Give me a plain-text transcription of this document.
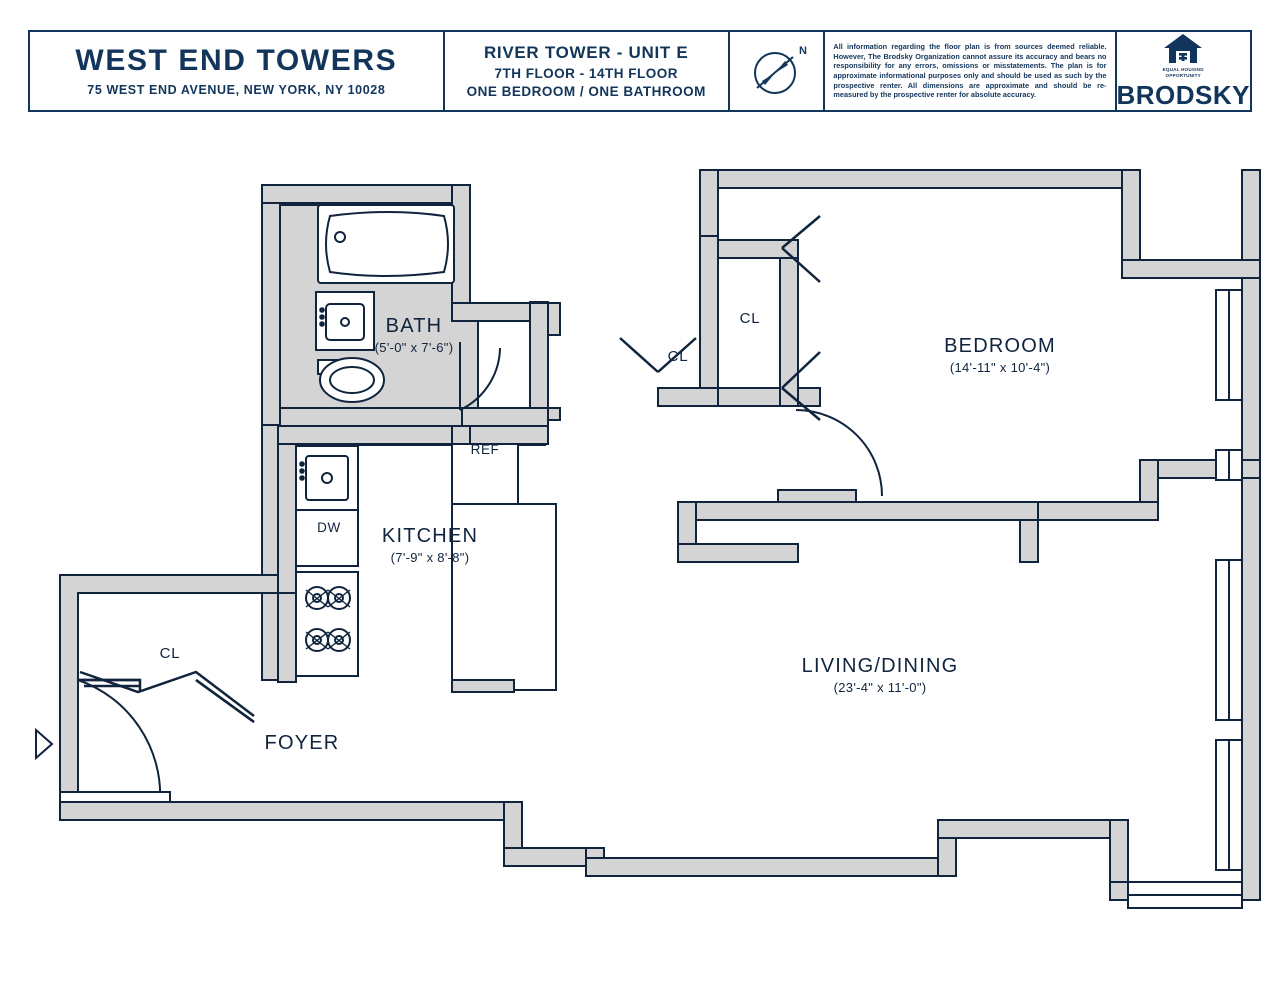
WEST END TOWERS
75 WEST END AVENUE, NEW YORK, NY 10028
RIVER TOWER - UNIT E
7TH FLOOR - 14TH FLOOR
ONE BEDROOM / ONE BATHROOM
N	All information regarding the floor plan is from sources deemed reliable. However, The Brodsky Organization cannot assure its accuracy and bears no responsibility for any errors, omissions or misstatements. The plan is for approximate informational purposes only and should be used as such by the prospective renter. All dimensions are approximate and should be re-measured by the prospective renter for absolute accuracy.
EQUAL HOUSING
OPPORTUNITY
BRODSKY
BATH
(5'-0" x 7'-6")
KITCHEN
(7'-9" x 8'-8")
BEDROOM
(14'-11" x 10'-4")
LIVING/DINING
(23'-4" x 11'-0")
FOYER
CL
CL
CL
REF
DW
